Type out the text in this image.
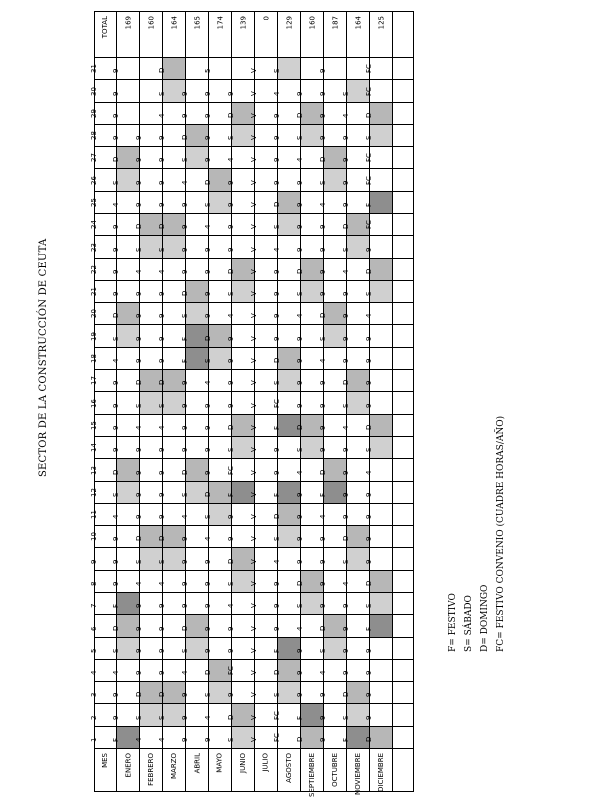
SECTOR DE LA CONSTRUCCIÓN DE CEUTA
TOTAL
MES
1
2
3
4
5
6
7
8
9
10
11
12
13
14
15
16
17
18
19
20
21
22
23
24
25
26
27
28
29
30
31
169
ENERO
F
9
9
4
S
D
F
9
9
9
4
S
D
9
9
9
9
4
S
D
9
9
9
9
4
S
D
9
9
9
9
160
FEBRERO
4
S
D
9
9
9
9
4
S
D
9
9
9
9
4
S
D
9
9
9
9
4
S
D
9
9
9
9
164
MARZO
4
S
D
9
9
9
9
4
S
D
9
9
9
9
4
S
D
9
9
9
9
4
S
D
9
9
9
9
4
S
D
165
ABRIL
9
9
9
4
S
D
9
9
9
9
4
S
D
9
9
9
9
F
F
S
D
9
9
9
9
4
S
D
9
9
174
MAYO
9
4
S
D
9
9
9
9
9
4
S
D
9
9
9
9
4
S
D
9
9
9
9
4
S
D
9
9
9
9
5
139
JUNIO
S
D
9
FC
9
9
4
S
D
9
9
F
FC
S
D
9
9
9
9
4
S
D
9
9
9
9
4
S
D
9
0
JULIO
V
V
V
V
V
V
V
V
V
V
V
V
V
V
V
V
V
V
V
V
V
V
V
V
V
V
V
V
V
V
V
129
AGOSTO
FC
FC
S
D
F
9
9
9
4
S
D
F
9
9
F
FC
S
D
9
9
9
9
4
S
D
9
9
9
9
4
S
160
SEPTIEMBRE
D
F
9
9
9
4
S
D
9
9
9
9
4
S
D
9
9
9
9
4
S
D
9
9
9
9
4
S
D
9
187
OCTUBRE
9
9
9
4
S
D
9
9
9
9
4
F
D
9
9
9
9
4
S
D
9
9
9
9
4
S
D
9
9
9
9
164
NOVIEMBRE
F
S
D
9
9
9
9
4
S
D
9
9
9
9
4
S
D
9
9
9
9
4
S
D
9
9
9
9
4
S
125
DICIEMBRE
D
9
9
9
9
F
S
D
9
9
9
9
4
S
D
9
9
9
9
4
S
D
9
FC
F
FC
FC
S
D
FC
FC
F= FESTIVO S= SÁBADO D= DOMINGO FC= FESTIVO CONVENIO (CUADRE HORAS/AÑO)
